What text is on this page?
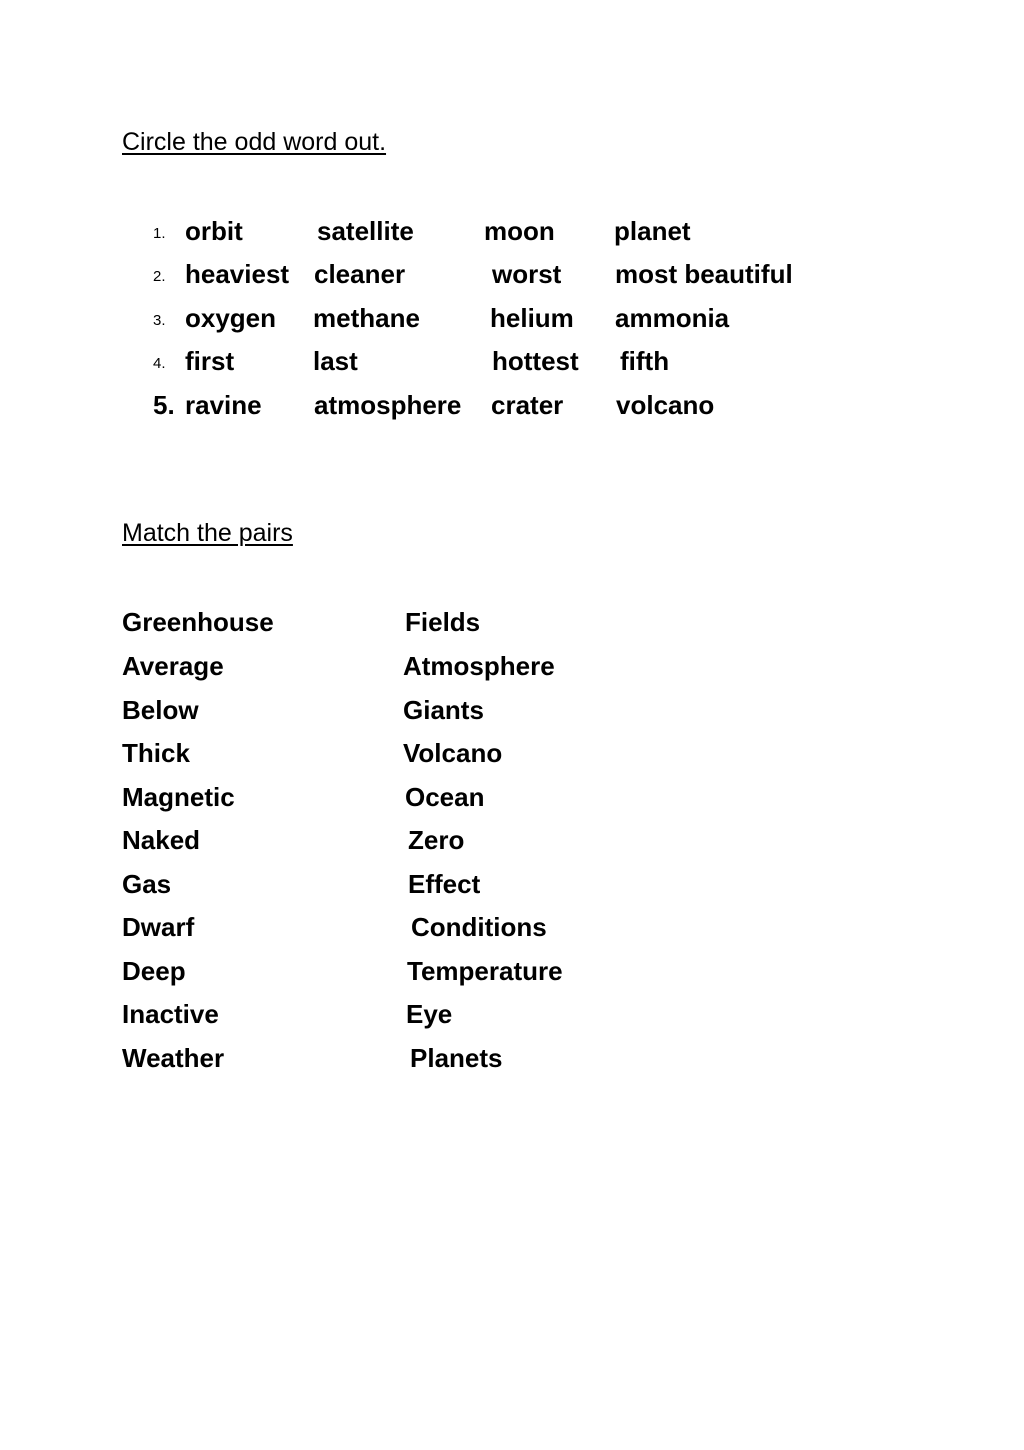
Circle the odd word out.
1. orbit	satellite	moon planet
2. heaviest cleaner	worst most beautiful
3. oxygen methane	helium ammonia
4. first	last	hottest fifth
5. ravine atmosphere crater volcano
Match the pairs
Greenhouse	Fields
Average	Atmosphere
Below	Giants
Thick	Volcano
Magnetic	Ocean
Naked	Zero
Gas	Effect
Dwarf	Conditions
Deep	Temperature
Inactive	Eye
Weather	Planets
